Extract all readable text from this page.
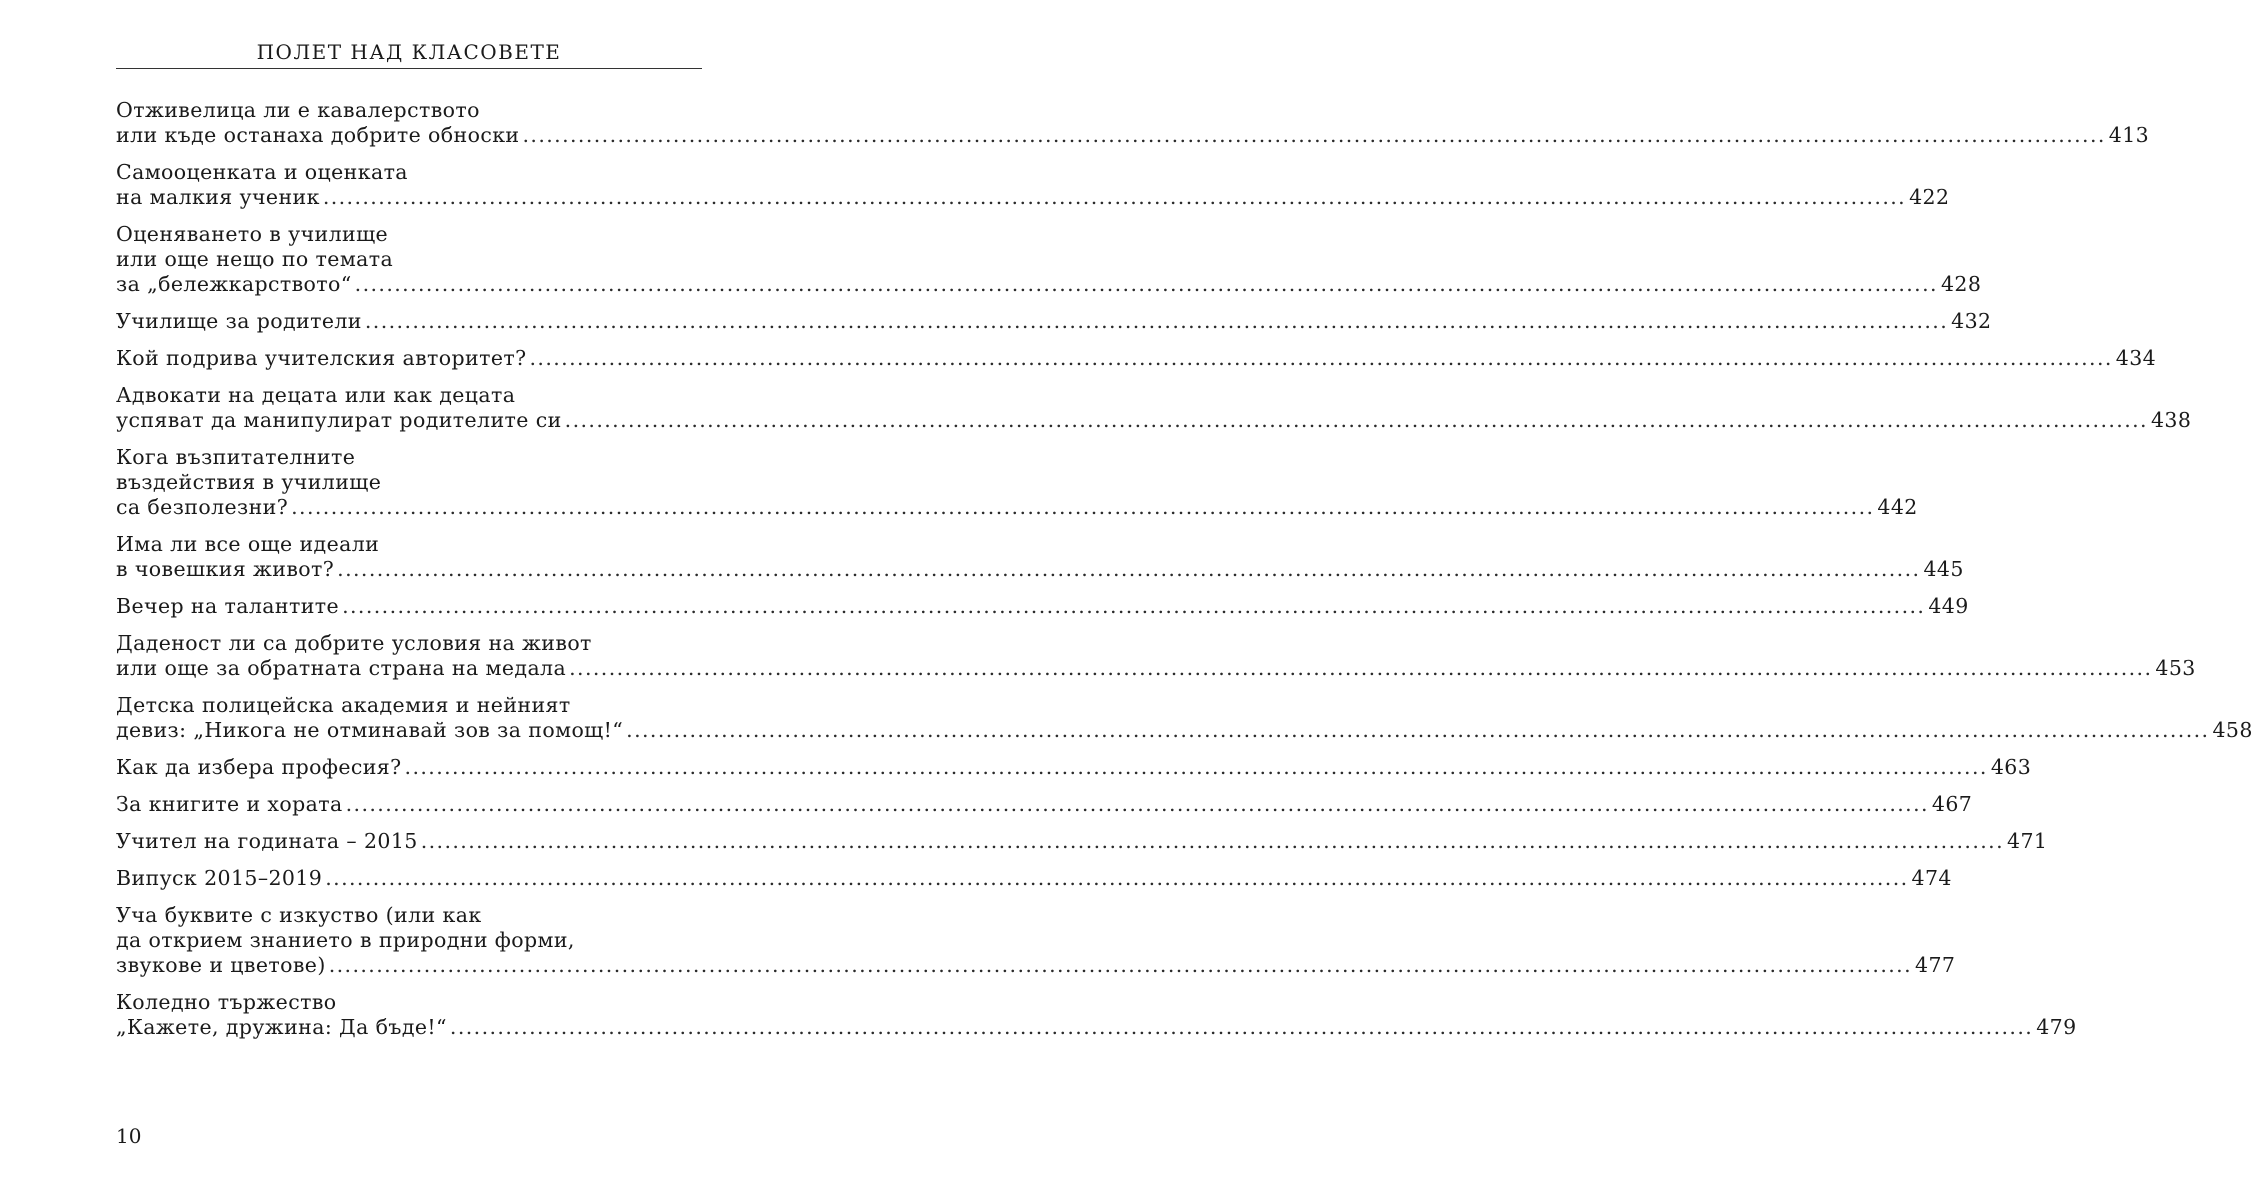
ПОЛЕТ НАД КЛАСОВЕТЕ
Отживелица ли е кавалерството
или къде останаха добрите обноски ........................................................................................................................................................................................................ 413
Самооценката и оценката
на малкия ученик ........................................................................................................................................................................................................ 422
Оценяването в училище
или още нещо по темата
за „бележкарството“ ........................................................................................................................................................................................................ 428
Училище за родители ........................................................................................................................................................................................................ 432
Кой подрива учителския авторитет? ........................................................................................................................................................................................................ 434
Адвокати на децата или как децата
успяват да манипулират родителите си ........................................................................................................................................................................................................ 438
Кога възпитателните
въздействия в училище
са безполезни? ........................................................................................................................................................................................................ 442
Има ли все още идеали
в човешкия живот? ........................................................................................................................................................................................................ 445
Вечер на талантите ........................................................................................................................................................................................................ 449
Даденост ли са добрите условия на живот
или още за обратната страна на медала ........................................................................................................................................................................................................ 453
Детска полицейска академия и нейният
девиз: „Никога не отминавай зов за помощ!“ ........................................................................................................................................................................................................ 458
Как да избера професия? ........................................................................................................................................................................................................ 463
За книгите и хората ........................................................................................................................................................................................................ 467
Учител на годината – 2015 ........................................................................................................................................................................................................ 471
Випуск 2015–2019 ........................................................................................................................................................................................................ 474
Уча буквите с изкуство (или как
да открием знанието в природни форми,
звукове и цветове) ........................................................................................................................................................................................................ 477
Коледно тържество
„Кажете, дружина: Да бъде!“ ........................................................................................................................................................................................................ 479
10
